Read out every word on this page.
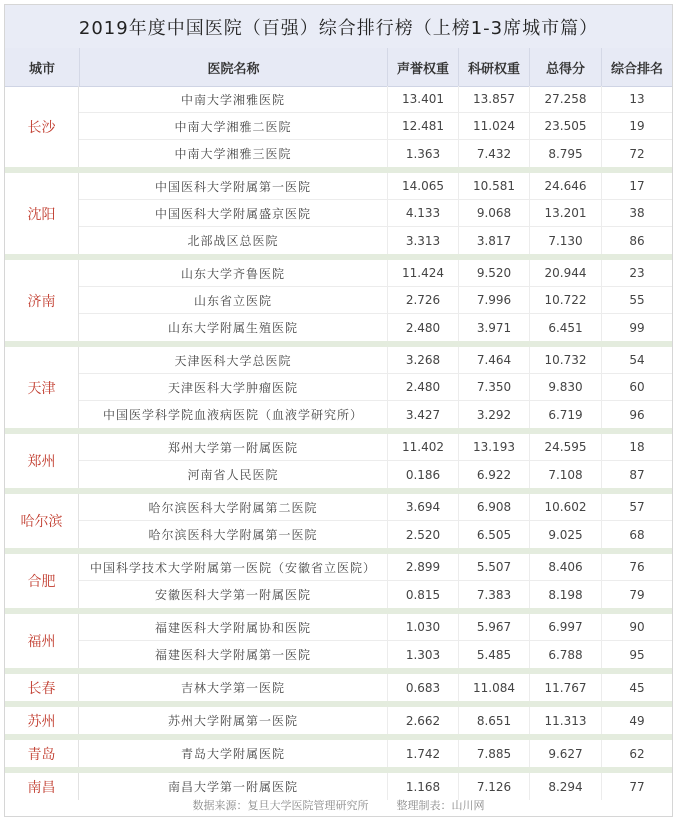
2019年度中国医院（百强）综合排行榜（上榜1-3席城市篇）
城市	医院名称	声誉权重	科研权重	总得分	综合排名
长沙
中南大学湘雅医院	13.401	13.857	27.258	13
中南大学湘雅二医院	12.481	11.024	23.505	19
中南大学湘雅三医院	1.363	7.432	8.795	72
沈阳
中国医科大学附属第一医院	14.065	10.581	24.646	17
中国医科大学附属盛京医院	4.133	9.068	13.201	38
北部战区总医院	3.313	3.817	7.130	86
济南
山东大学齐鲁医院	11.424	9.520	20.944	23
山东省立医院	2.726	7.996	10.722	55
山东大学附属生殖医院	2.480	3.971	6.451	99
天津
天津医科大学总医院	3.268	7.464	10.732	54
天津医科大学肿瘤医院	2.480	7.350	9.830	60
中国医学科学院血液病医院（血液学研究所）	3.427	3.292	6.719	96
郑州
郑州大学第一附属医院	11.402	13.193	24.595	18
河南省人民医院	0.186	6.922	7.108	87
哈尔滨
哈尔滨医科大学附属第二医院	3.694	6.908	10.602	57
哈尔滨医科大学附属第一医院	2.520	6.505	9.025	68
合肥
中国科学技术大学附属第一医院（安徽省立医院）	2.899	5.507	8.406	76
安徽医科大学第一附属医院	0.815	7.383	8.198	79
福州
福建医科大学附属协和医院	1.030	5.967	6.997	90
福建医科大学附属第一医院	1.303	5.485	6.788	95
长春	吉林大学第一医院	0.683	11.084	11.767	45
苏州	苏州大学附属第一医院	2.662	8.651	11.313	49
青岛	青岛大学附属医院	1.742	7.885	9.627	62
南昌	南昌大学第一附属医院	1.168	7.126	8.294	77
数据来源：复旦大学医院管理研究所	整理制表：山川网
